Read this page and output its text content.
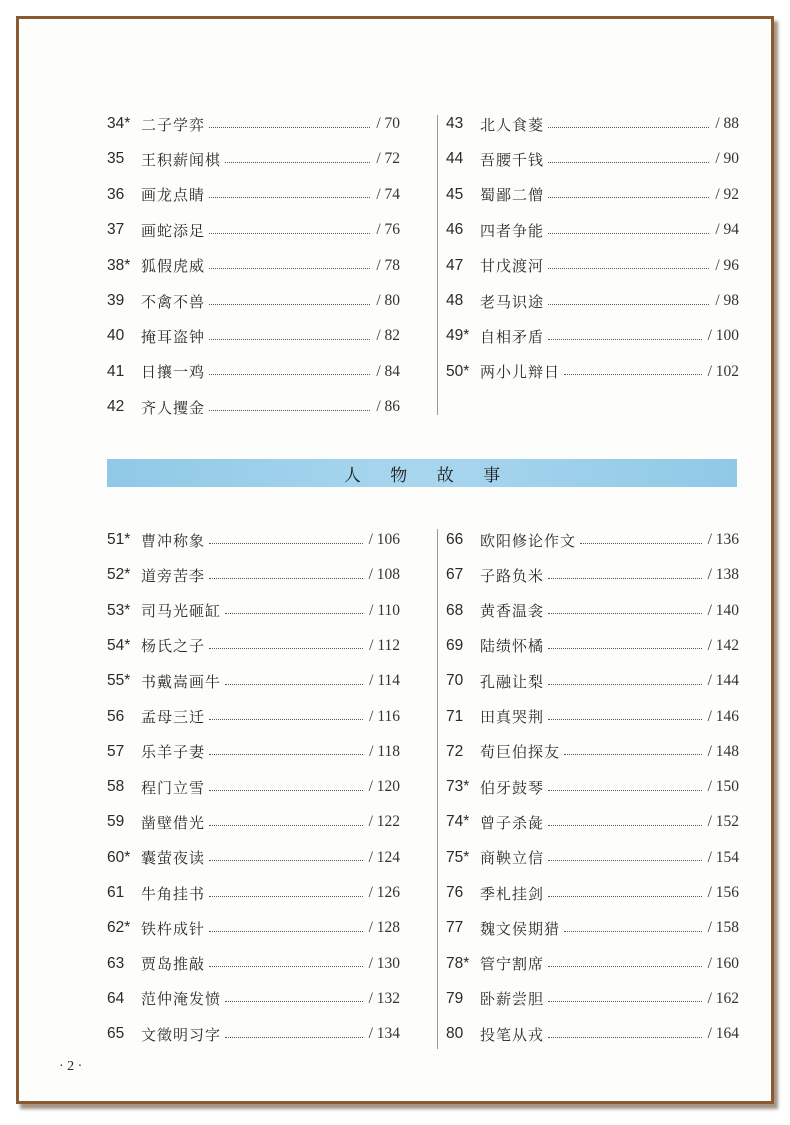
34* 二子学弈	/ 70
35	王积薪闻棋	/ 72
36	画龙点睛	/ 74
37	画蛇添足	/ 76
38* 狐假虎威	/ 78
39	不禽不兽	/ 80
40	掩耳盗钟	/ 82
41	日攘一鸡	/ 84
42	齐人攫金	/ 86
43	北人食菱	/ 88
44	吾腰千钱	/ 90
45	蜀鄙二僧	/ 92
46	四者争能	/ 94
47	甘戊渡河	/ 96
48	老马识途	/ 98
49* 自相矛盾	/ 100
50* 两小儿辩日	/ 102
人 物 故 事
51* 曹冲称象	/ 106
52* 道旁苦李	/ 108
53* 司马光砸缸	/ 110
54* 杨氏之子	/ 112
55* 书戴嵩画牛	/ 114
56	孟母三迁	/ 116
57	乐羊子妻	/ 118
58	程门立雪	/ 120
59	凿壁借光	/ 122
60* 囊萤夜读	/ 124
61	牛角挂书	/ 126
62* 铁杵成针	/ 128
63	贾岛推敲	/ 130
64	范仲淹发愤	/ 132
65	文徵明习字	/ 134
66	欧阳修论作文	/ 136
67	子路负米	/ 138
68	黄香温衾	/ 140
69	陆绩怀橘	/ 142
70	孔融让梨	/ 144
71	田真哭荆	/ 146
72	荀巨伯探友	/ 148
73* 伯牙鼓琴	/ 150
74* 曾子杀彘	/ 152
75* 商鞅立信	/ 154
76	季札挂剑	/ 156
77	魏文侯期猎	/ 158
78* 管宁割席	/ 160
79	卧薪尝胆	/ 162
80	投笔从戎	/ 164
· 2 ·
